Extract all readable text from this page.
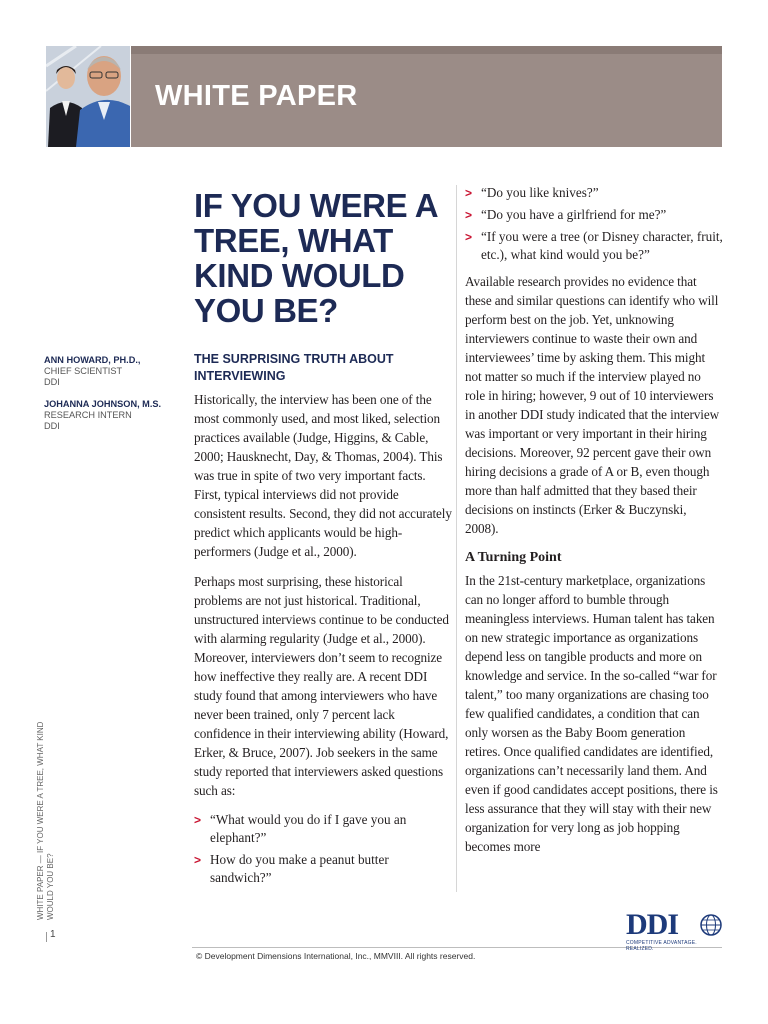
WHITE PAPER
IF YOU WERE A TREE, WHAT KIND WOULD YOU BE?
ANN HOWARD, PH.D.,
CHIEF SCIENTIST
DDI
JOHANNA JOHNSON, M.S.
RESEARCH INTERN
DDI
THE SURPRISING TRUTH ABOUT INTERVIEWING

Historically, the interview has been one of the most commonly used, and most liked, selection practices available (Judge, Higgins, & Cable, 2000; Hausknecht, Day, & Thomas, 2004). This was true in spite of two very important facts. First, typical interviews did not provide consistent results. Second, they did not accurately predict which applicants would be high-performers (Judge et al., 2000).

Perhaps most surprising, these historical problems are not just historical. Traditional, unstructured interviews continue to be conducted with alarming regularity (Judge et al., 2000). Moreover, interviewers don’t seem to recognize how ineffective they really are. A recent DDI study found that among interviewers who have never been trained, only 7 percent lack confidence in their interviewing ability (Howard, Erker, & Bruce, 2007). Job seekers in the same study reported that interviewers asked questions such as:

> “What would you do if I gave you an elephant?”
> How do you make a peanut butter sandwich?”
> “Do you like knives?”
> “Do you have a girlfriend for me?”
> “If you were a tree (or Disney character, fruit, etc.), what kind would you be?”

Available research provides no evidence that these and similar questions can identify who will perform best on the job. Yet, unknowing interviewers continue to waste their own and interviewees’ time by asking them. This might not matter so much if the interview played no role in hiring; however, 9 out of 10 interviewers in another DDI study indicated that the interview was important or very important in their hiring decisions. Moreover, 92 percent gave their own hiring decisions a grade of A or B, even though more than half admitted that they based their decisions on instincts (Erker & Buczynski, 2008).

A Turning Point

In the 21st-century marketplace, organizations can no longer afford to bumble through meaningless interviews. Human talent has taken on new strategic importance as organizations depend less on tangible products and more on knowledge and service. In the so-called “war for talent,” too many organizations are chasing too few qualified candidates, a condition that can only worsen as the Baby Boom generation retires. Once qualified candidates are identified, organizations can’t necessarily land them. And even if good candidates accept positions, there is less assurance that they will stay with their new organization for very long as job hopping becomes more

WHITE PAPER — IF YOU WERE A TREE, WHAT KIND WOULD YOU BE?
1
© Development Dimensions International, Inc., MMVIII. All rights reserved.
DDI
COMPETITIVE ADVANTAGE. REALIZED.
